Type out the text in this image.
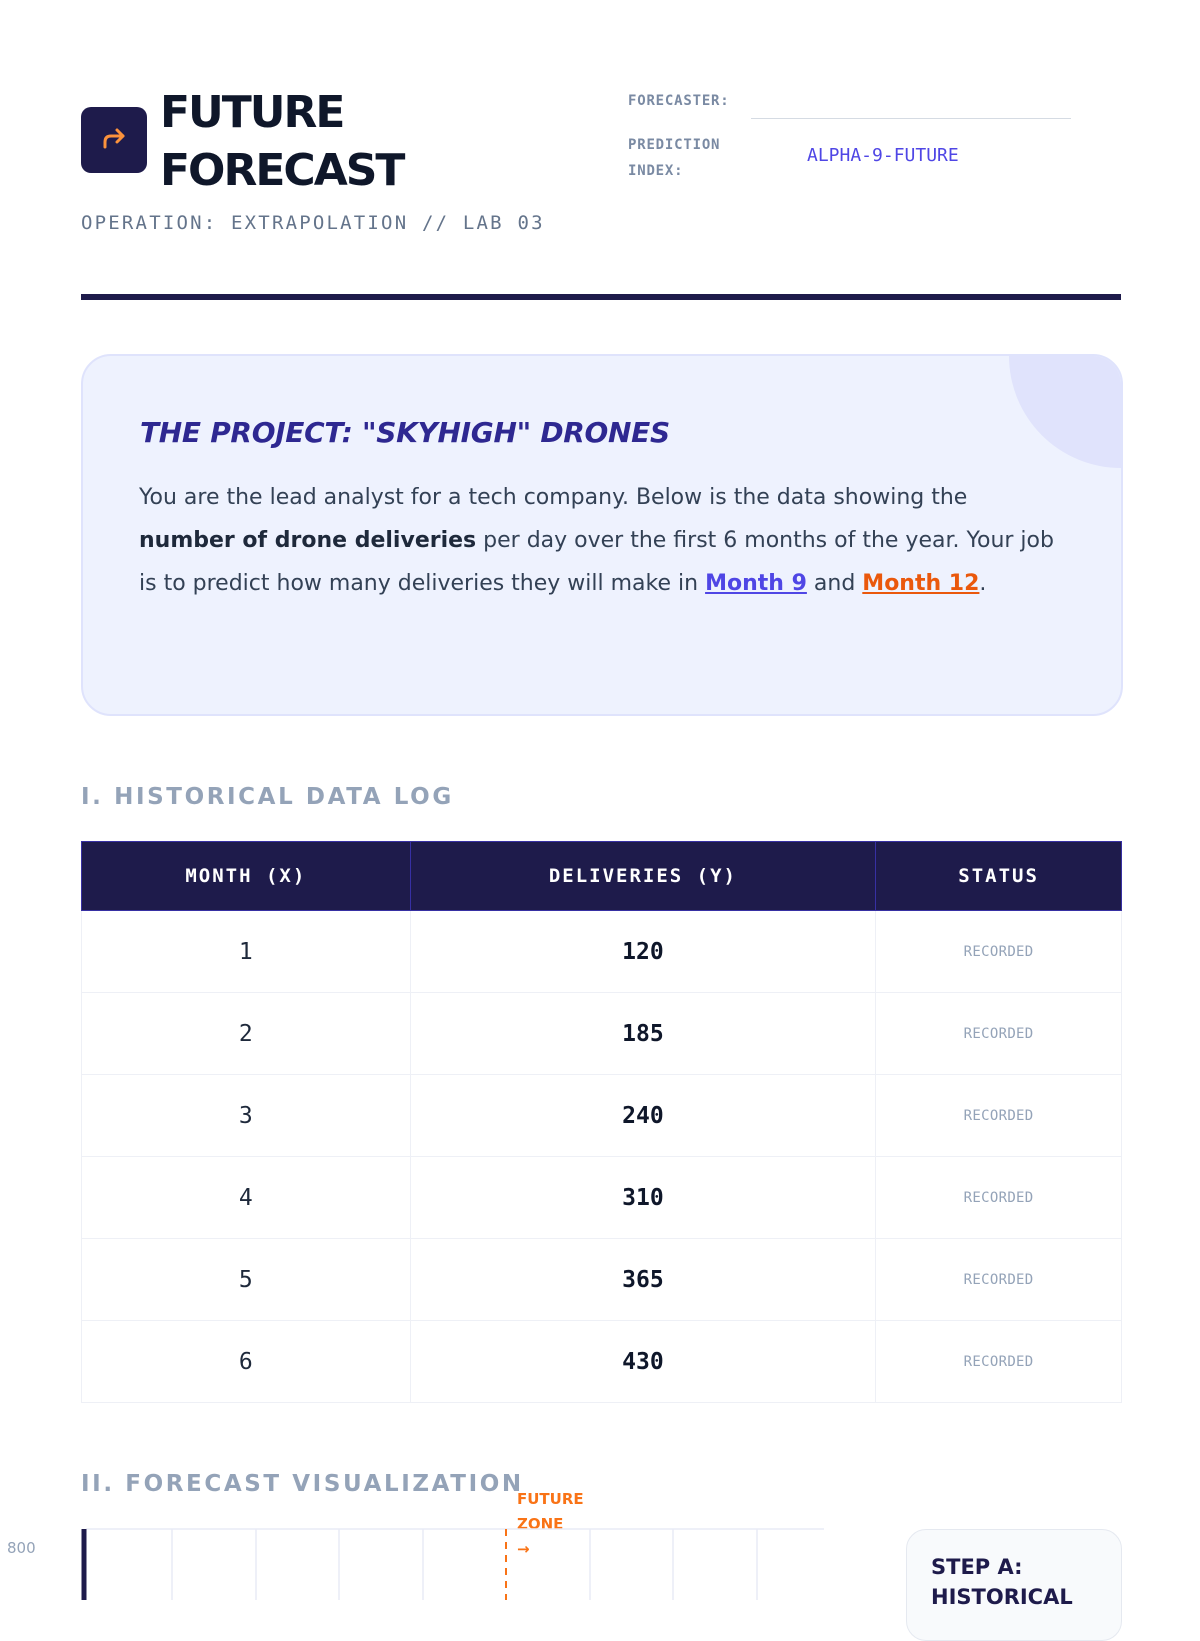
FUTURE
FORECAST
OPERATION: EXTRAPOLATION // LAB 03
FORECASTER:
PREDICTION
INDEX:
ALPHA-9-FUTURE
THE PROJECT: "SKYHIGH" DRONES
You are the lead analyst for a tech company. Below is the data showing the number of drone deliveries per day over the first 6 months of the year. Your job is to predict how many deliveries they will make in Month 9 and Month 12.
I. HISTORICAL DATA LOG
MONTH (X)	DELIVERIES (Y)	STATUS
1	120	RECORDED
2	185	RECORDED
3	240	RECORDED
4	310	RECORDED
5	365	RECORDED
6	430	RECORDED
II. FORECAST VISUALIZATION
FUTURE
ZONE
→
800
STEP A: HISTORICAL
